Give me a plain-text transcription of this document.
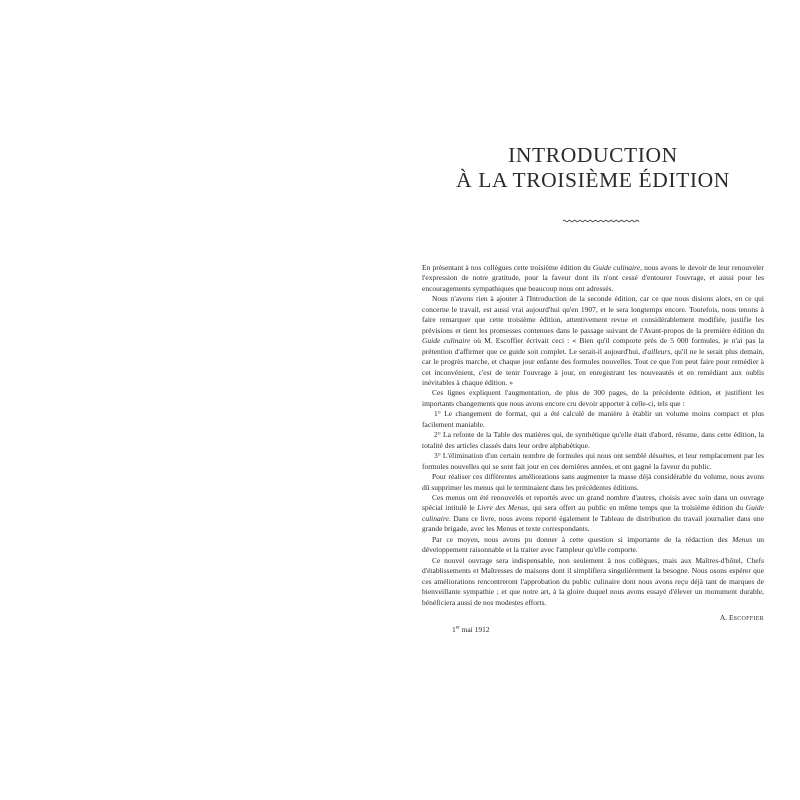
INTRODUCTION
À LA TROISIÈME ÉDITION

En présentant à nos collègues cette troisième édition du Guide culinaire, nous avons le devoir de leur renouveler l'expression de notre gratitude, pour la faveur dont ils n'ont cessé d'entourer l'ouvrage, et aussi pour les encouragements sympathiques que beaucoup nous ont adressés.

Nous n'avons rien à ajouter à l'Introduction de la seconde édition, car ce que nous disions alors, en ce qui concerne le travail, est aussi vrai aujourd'hui qu'en 1907, et le sera longtemps encore. Toutefois, nous tenons à faire remarquer que cette troisième édition, attentivement revue et considérablement modifiée, justifie les prévisions et tient les promesses contenues dans le passage suivant de l'Avant-propos de la première édition du Guide culinaire où M. Escoffier écrivait ceci : « Bien qu'il comporte près de 5 000 formules, je n'ai pas la prétention d'affirmer que ce guide soit complet. Le serait-il aujourd'hui, d'ailleurs, qu'il ne le serait plus demain, car le progrès marche, et chaque jour enfante des formules nouvelles. Tout ce que l'on peut faire pour remédier à cet inconvénient, c'est de tenir l'ouvrage à jour, en enregistrant les nouveautés et en remédiant aux oublis inévitables à chaque édition. »

Ces lignes expliquent l'augmentation, de plus de 300 pages, de la précédente édition, et justifient les importants changements que nous avons encore cru devoir apporter à celle-ci, tels que :

1° Le changement de format, qui a été calculé de manière à établir un volume moins compact et plus facilement maniable.

2° La refonte de la Table des matières qui, de synthétique qu'elle était d'abord, résume, dans cette édition, la totalité des articles classés dans leur ordre alphabétique.

3° L'élimination d'un certain nombre de formules qui nous ont semblé désuètes, et leur remplacement par les formules nouvelles qui se sont fait jour en ces dernières années, et ont gagné la faveur du public.

Pour réaliser ces différentes améliorations sans augmenter la masse déjà considérable du volume, nous avons dû supprimer les menus qui le terminaient dans les précédentes éditions.

Ces menus ont été renouvelés et reportés avec un grand nombre d'autres, choisis avec soin dans un ouvrage spécial intitulé le Livre des Menus, qui sera offert au public en même temps que la troisième édition du Guide culinaire. Dans ce livre, nous avons reporté également le Tableau de distribution du travail journalier dans une grande brigade, avec les Menus et texte correspondants.

Par ce moyen, nous avons pu donner à cette question si importante de la rédaction des Menus un développement raisonnable et la traiter avec l'ampleur qu'elle comporte.

Ce nouvel ouvrage sera indispensable, non seulement à nos collègues, mais aux Maîtres-d'hôtel, Chefs d'établissements et Maîtresses de maisons dont il simplifiera singulièrement la besogne. Nous osons espérer que ces améliorations rencontreront l'approbation du public culinaire dont nous avons reçu déjà tant de marques de bienveillante sympathie ; et que notre art, à la gloire duquel nous avons essayé d'élever un monument durable, bénéficiera aussi de nos modestes efforts.

A. ESCOFFIER
1er mai 1912
